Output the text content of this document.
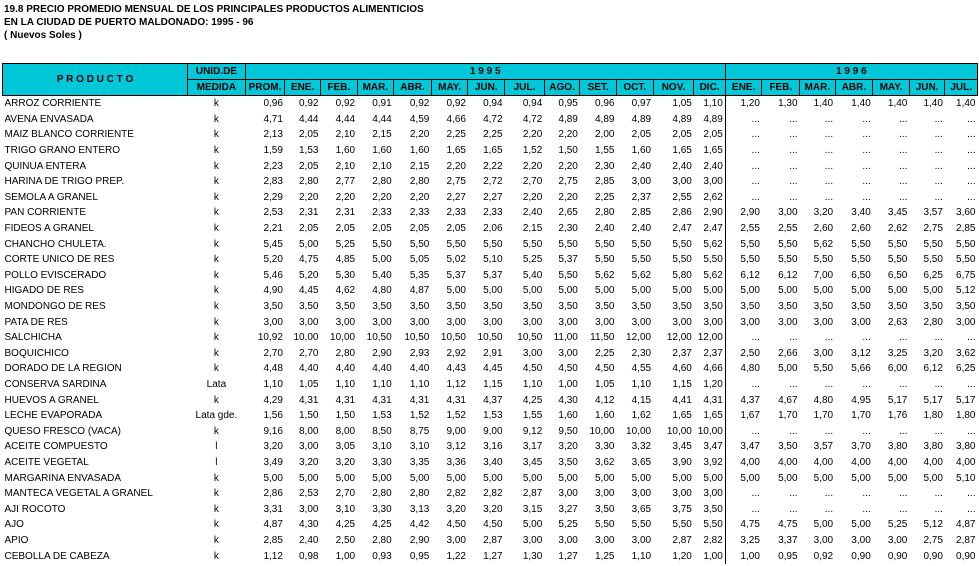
19.8 PRECIO PROMEDIO MENSUAL DE LOS PRINCIPALES PRODUCTOS ALIMENTICIOS
EN LA CIUDAD DE PUERTO MALDONADO: 1995 - 96
( Nuevos Soles )
P R O D U C T O	UNID.DE	1 9 9 5													1 9 9 6						
	MEDIDA	PROM.	ENE.	FEB.	MAR.	ABR.	MAY.	JUN.	JUL.	AGO.	SET.	OCT.	NOV.	DIC.	ENE.	FEB.	MAR.	ABR.	MAY.	JUN.	JUL.
ARROZ CORRIENTE	k	0,96	0,92	0,92	0,91	0,92	0,92	0,94	0,94	0,95	0,96	0,97	1,05	1,10	1,20	1,30	1,40	1,40	1,40	1,40	1,40
AVENA ENVASADA	k	4,71	4,44	4,44	4,44	4,59	4,66	4,72	4,72	4,89	4,89	4,89	4,89	4,89	...	...	...	...	...	...	...
MAIZ BLANCO CORRIENTE	k	2,13	2,05	2,10	2,15	2,20	2,25	2,25	2,20	2,20	2,00	2,05	2,05	2,05	...	...	...	...	...	...	...
TRIGO GRANO ENTERO	k	1,59	1,53	1,60	1,60	1,60	1,65	1,65	1,52	1,50	1,55	1,60	1,65	1,65	...	...	...	...	...	...	...
QUINUA ENTERA	k	2,23	2,05	2,10	2,10	2,15	2,20	2,22	2,20	2,20	2,30	2,40	2,40	2,40	...	...	...	...	...	...	...
HARINA DE TRIGO PREP.	k	2,83	2,80	2,77	2,80	2,80	2,75	2,72	2,70	2,75	2,85	3,00	3,00	3,00	...	...	...	...	...	...	...
SEMOLA A GRANEL	k	2,29	2,20	2,20	2,20	2,20	2,27	2,27	2,20	2,20	2,25	2,37	2,55	2,62	...	...	...	...	...	...	...
PAN CORRIENTE	k	2,53	2,31	2,31	2,33	2,33	2,33	2,33	2,40	2,65	2,80	2,85	2,86	2,90	2,90	3,00	3,20	3,40	3,45	3,57	3,60
FIDEOS A GRANEL	k	2,21	2,05	2,05	2,05	2,05	2,05	2,06	2,15	2,30	2,40	2,40	2,47	2,47	2,55	2,55	2,60	2,60	2,62	2,75	2,85
CHANCHO CHULETA.	k	5,45	5,00	5,25	5,50	5,50	5,50	5,50	5,50	5,50	5,50	5,50	5,50	5,62	5,50	5,50	5,62	5,50	5,50	5,50	5,50
CORTE UNICO DE RES	k	5,20	4,75	4,85	5,00	5,05	5,02	5,10	5,25	5,37	5,50	5,50	5,50	5,50	5,50	5,50	5,50	5,50	5,50	5,50	5,50
POLLO EVISCERADO	k	5,46	5,20	5,30	5,40	5,35	5,37	5,37	5,40	5,50	5,62	5,62	5,80	5,62	6,12	6,12	7,00	6,50	6,50	6,25	6,75
HIGADO DE RES	k	4,90	4,45	4,62	4,80	4,87	5,00	5,00	5,00	5,00	5,00	5,00	5,00	5,00	5,00	5,00	5,00	5,00	5,00	5,00	5,12
MONDONGO DE RES	k	3,50	3,50	3,50	3,50	3,50	3,50	3,50	3,50	3,50	3,50	3,50	3,50	3,50	3,50	3,50	3,50	3,50	3,50	3,50	3,50
PATA DE RES	k	3,00	3,00	3,00	3,00	3,00	3,00	3,00	3,00	3,00	3,00	3,00	3,00	3,00	3,00	3,00	3,00	3,00	2,63	2,80	3,00
SALCHICHA	k	10,92	10,00	10,00	10,50	10,50	10,50	10,50	10,50	11,00	11,50	12,00	12,00	12,00	...	...	...	...	...	...	...
BOQUICHICO	k	2,70	2,70	2,80	2,90	2,93	2,92	2,91	3,00	3,00	2,25	2,30	2,37	2,37	2,50	2,66	3,00	3,12	3,25	3,20	3,62
DORADO DE LA REGION	k	4,48	4,40	4,40	4,40	4,40	4,43	4,45	4,50	4,50	4,50	4,55	4,60	4,66	4,80	5,00	5,50	5,66	6,00	6,12	6,25
CONSERVA SARDINA	Lata	1,10	1,05	1,10	1,10	1,10	1,12	1,15	1,10	1,00	1,05	1,10	1,15	1,20	...	...	...	...	...	...	...
HUEVOS A GRANEL	k	4,29	4,31	4,31	4,31	4,31	4,31	4,37	4,25	4,30	4,12	4,15	4,41	4,31	4,37	4,67	4,80	4,95	5,17	5,17	5,17
LECHE EVAPORADA	Lata gde.	1,56	1,50	1,50	1,53	1,52	1,52	1,53	1,55	1,60	1,60	1,62	1,65	1,65	1,67	1,70	1,70	1,70	1,76	1,80	1,80
QUESO FRESCO (VACA)	k	9,16	8,00	8,00	8,50	8,75	9,00	9,00	9,12	9,50	10,00	10,00	10,00	10,00	...	...	...	...	...	...	...
ACEITE COMPUESTO	l	3,20	3,00	3,05	3,10	3,10	3,12	3,16	3,17	3,20	3,30	3,32	3,45	3,47	3,47	3,50	3,57	3,70	3,80	3,80	3,80
ACEITE VEGETAL	l	3,49	3,20	3,20	3,30	3,35	3,36	3,40	3,45	3,50	3,62	3,65	3,90	3,92	4,00	4,00	4,00	4,00	4,00	4,00	4,00
MARGARINA ENVASADA	k	5,00	5,00	5,00	5,00	5,00	5,00	5,00	5,00	5,00	5,00	5,00	5,00	5,00	5,00	5,00	5,00	5,00	5,00	5,00	5,10
MANTECA VEGETAL A GRANEL	k	2,86	2,53	2,70	2,80	2,80	2,82	2,82	2,87	3,00	3,00	3,00	3,00	3,00	...	...	...	...	...	...	...
AJI ROCOTO	k	3,31	3,00	3,10	3,30	3,13	3,20	3,20	3,15	3,27	3,50	3,65	3,75	3,50	...	...	...	...	...	...	...
AJO	k	4,87	4,30	4,25	4,25	4,42	4,50	4,50	5,00	5,25	5,50	5,50	5,50	5,50	4,75	4,75	5,00	5,00	5,25	5,12	4,87
APIO	k	2,85	2,40	2,50	2,80	2,90	3,00	2,87	3,00	3,00	3,00	3,00	2,87	2,82	3,25	3,37	3,00	3,00	3,00	2,75	2,87
CEBOLLA DE CABEZA	k	1,12	0,98	1,00	0,93	0,95	1,22	1,27	1,30	1,27	1,25	1,10	1,20	1,00	1,00	0,95	0,92	0,90	0,90	0,90	0,90
